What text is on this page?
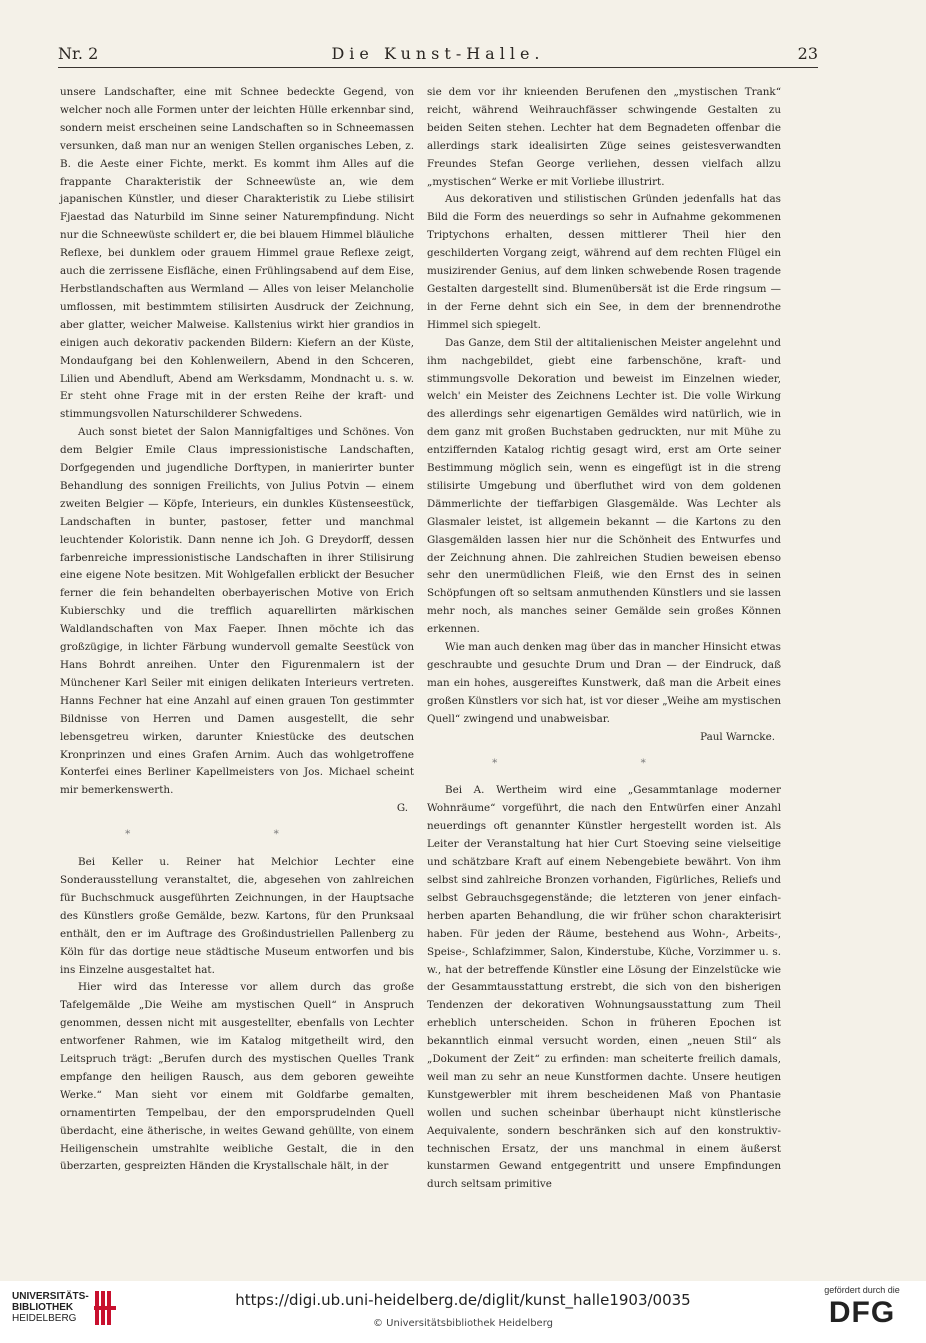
Nr. 2	Die Kunst-Halle.	23

unsere Landschafter, eine mit Schnee bedeckte Gegend, von welcher noch alle Formen unter der leichten Hülle erkennbar sind, sondern meist erscheinen seine Landschaften so in Schneemassen versunken, daß man nur an wenigen Stellen organisches Leben, z. B. die Aeste einer Fichte, merkt. Es kommt ihm Alles auf die frappante Charakteristik der Schneewüste an, wie dem japanischen Künstler, und dieser Charakteristik zu Liebe stilisirt Fjaestad das Naturbild im Sinne seiner Naturempfindung. Nicht nur die Schneewüste schildert er, die bei blauem Himmel bläuliche Reflexe, bei dunklem oder grauem Himmel graue Reflexe zeigt, auch die zerrissene Eisfläche, einen Frühlingsabend auf dem Eise, Herbstlandschaften aus Wermland — Alles von leiser Melancholie umflossen, mit bestimmtem stilisirten Ausdruck der Zeichnung, aber glatter, weicher Malweise. Kallstenius wirkt hier grandios in einigen auch dekorativ packenden Bildern: Kiefern an der Küste, Mondaufgang bei den Kohlenweilern, Abend in den Schceren, Lilien und Abendluft, Abend am Werksdamm, Mondnacht u. s. w. Er steht ohne Frage mit in der ersten Reihe der kraft- und stimmungsvollen Naturschilderer Schwedens.

Auch sonst bietet der Salon Mannigfaltiges und Schönes. Von dem Belgier Emile Claus impressionistische Landschaften, Dorfgegenden und jugendliche Dorftypen, in manierirter bunter Behandlung des sonnigen Freilichts, von Julius Potvin — einem zweiten Belgier — Köpfe, Interieurs, ein dunkles Küstenseestück, Landschaften in bunter, pastoser, fetter und manchmal leuchtender Koloristik. Dann nenne ich Joh. G Dreydorff, dessen farbenreiche impressionistische Landschaften in ihrer Stilisirung eine eigene Note besitzen. Mit Wohlgefallen erblickt der Besucher ferner die fein behandelten oberbayerischen Motive von Erich Kubierschky und die trefflich aquarellirten märkischen Waldlandschaften von Max Faeper. Ihnen möchte ich das großzügige, in lichter Färbung wundervoll gemalte Seestück von Hans Bohrdt anreihen. Unter den Figurenmalern ist der Münchener Karl Seiler mit einigen delikaten Interieurs vertreten. Hanns Fechner hat eine Anzahl auf einen grauen Ton gestimmter Bildnisse von Herren und Damen ausgestellt, die sehr lebensgetreu wirken, darunter Kniestücke des deutschen Kronprinzen und eines Grafen Arnim. Auch das wohlgetroffene Konterfei eines Berliner Kapellmeisters von Jos. Michael scheint mir bemerkenswerth.

G.

* *

Bei Keller u. Reiner hat Melchior Lechter eine Sonderausstellung veranstaltet, die, abgesehen von zahlreichen für Buchschmuck ausgeführten Zeichnungen, in der Hauptsache des Künstlers große Gemälde, bezw. Kartons, für den Prunksaal enthält, den er im Auftrage des Großindustriellen Pallenberg zu Köln für das dortige neue städtische Museum entworfen und bis ins Einzelne ausgestaltet hat.

Hier wird das Interesse vor allem durch das große Tafelgemälde „Die Weihe am mystischen Quell“ in Anspruch genommen, dessen nicht mit ausgestellter, ebenfalls von Lechter entworfener Rahmen, wie im Katalog mitgetheilt wird, den Leitspruch trägt: „Berufen durch des mystischen Quelles Trank empfange den heiligen Rausch, aus dem geboren geweihte Werke.“ Man sieht vor einem mit Goldfarbe gemalten, ornamentirten Tempelbau, der den emporsprudelnden Quell überdacht, eine ätherische, in weites Gewand gehüllte, von einem Heiligenschein umstrahlte weibliche Gestalt, die in den überzarten, gespreizten Händen die Krystallschale hält, in der

sie dem vor ihr knieenden Berufenen den „mystischen Trank“ reicht, während Weihrauchfässer schwingende Gestalten zu beiden Seiten stehen. Lechter hat dem Begnadeten offenbar die allerdings stark idealisirten Züge seines geistesverwandten Freundes Stefan George verliehen, dessen vielfach allzu „mystischen“ Werke er mit Vorliebe illustrirt.

Aus dekorativen und stilistischen Gründen jedenfalls hat das Bild die Form des neuerdings so sehr in Aufnahme gekommenen Triptychons erhalten, dessen mittlerer Theil hier den geschilderten Vorgang zeigt, während auf dem rechten Flügel ein musizirender Genius, auf dem linken schwebende Rosen tragende Gestalten dargestellt sind. Blumenübersät ist die Erde ringsum — in der Ferne dehnt sich ein See, in dem der brennendrothe Himmel sich spiegelt.

Das Ganze, dem Stil der altitalienischen Meister angelehnt und ihm nachgebildet, giebt eine farbenschöne, kraft- und stimmungsvolle Dekoration und beweist im Einzelnen wieder, welch' ein Meister des Zeichnens Lechter ist. Die volle Wirkung des allerdings sehr eigenartigen Gemäldes wird natürlich, wie in dem ganz mit großen Buchstaben gedruckten, nur mit Mühe zu entziffernden Katalog richtig gesagt wird, erst am Orte seiner Bestimmung möglich sein, wenn es eingefügt ist in die streng stilisirte Umgebung und überfluthet wird von dem goldenen Dämmerlichte der tieffarbigen Glasgemälde. Was Lechter als Glasmaler leistet, ist allgemein bekannt — die Kartons zu den Glasgemälden lassen hier nur die Schönheit des Entwurfes und der Zeichnung ahnen. Die zahlreichen Studien beweisen ebenso sehr den unermüdlichen Fleiß, wie den Ernst des in seinen Schöpfungen oft so seltsam anmuthenden Künstlers und sie lassen mehr noch, als manches seiner Gemälde sein großes Können erkennen.

Wie man auch denken mag über das in mancher Hinsicht etwas geschraubte und gesuchte Drum und Dran — der Eindruck, daß man ein hohes, ausgereiftes Kunstwerk, daß man die Arbeit eines großen Künstlers vor sich hat, ist vor dieser „Weihe am mystischen Quell“ zwingend und unabweisbar.

Paul Warncke.

* *

Bei A. Wertheim wird eine „Gesammtanlage moderner Wohnräume“ vorgeführt, die nach den Entwürfen einer Anzahl neuerdings oft genannter Künstler hergestellt worden ist. Als Leiter der Veranstaltung hat hier Curt Stoeving seine vielseitige und schätzbare Kraft auf einem Nebengebiete bewährt. Von ihm selbst sind zahlreiche Bronzen vorhanden, Figürliches, Reliefs und selbst Gebrauchsgegenstände; die letzteren von jener einfach-herben aparten Behandlung, die wir früher schon charakterisirt haben. Für jeden der Räume, bestehend aus Wohn-, Arbeits-, Speise-, Schlafzimmer, Salon, Kinderstube, Küche, Vorzimmer u. s. w., hat der betreffende Künstler eine Lösung der Einzelstücke wie der Gesammtausstattung erstrebt, die sich von den bisherigen Tendenzen der dekorativen Wohnungsausstattung zum Theil erheblich unterscheiden. Schon in früheren Epochen ist bekanntlich einmal versucht worden, einen „neuen Stil“ als „Dokument der Zeit“ zu erfinden: man scheiterte freilich damals, weil man zu sehr an neue Kunstformen dachte. Unsere heutigen Kunstgewerbler mit ihrem bescheidenen Maß von Phantasie wollen und suchen scheinbar überhaupt nicht künstlerische Aequivalente, sondern beschränken sich auf den konstruktiv-technischen Ersatz, der uns manchmal in einem äußerst kunstarmen Gewand entgegentritt und unsere Empfindungen durch seltsam primitive

UNIVERSITÄTS-
BIBLIOTHEK
HEIDELBERG
https://digi.ub.uni-heidelberg.de/diglit/kunst_halle1903/0035
© Universitätsbibliothek Heidelberg
gefördert durch die
DFG
